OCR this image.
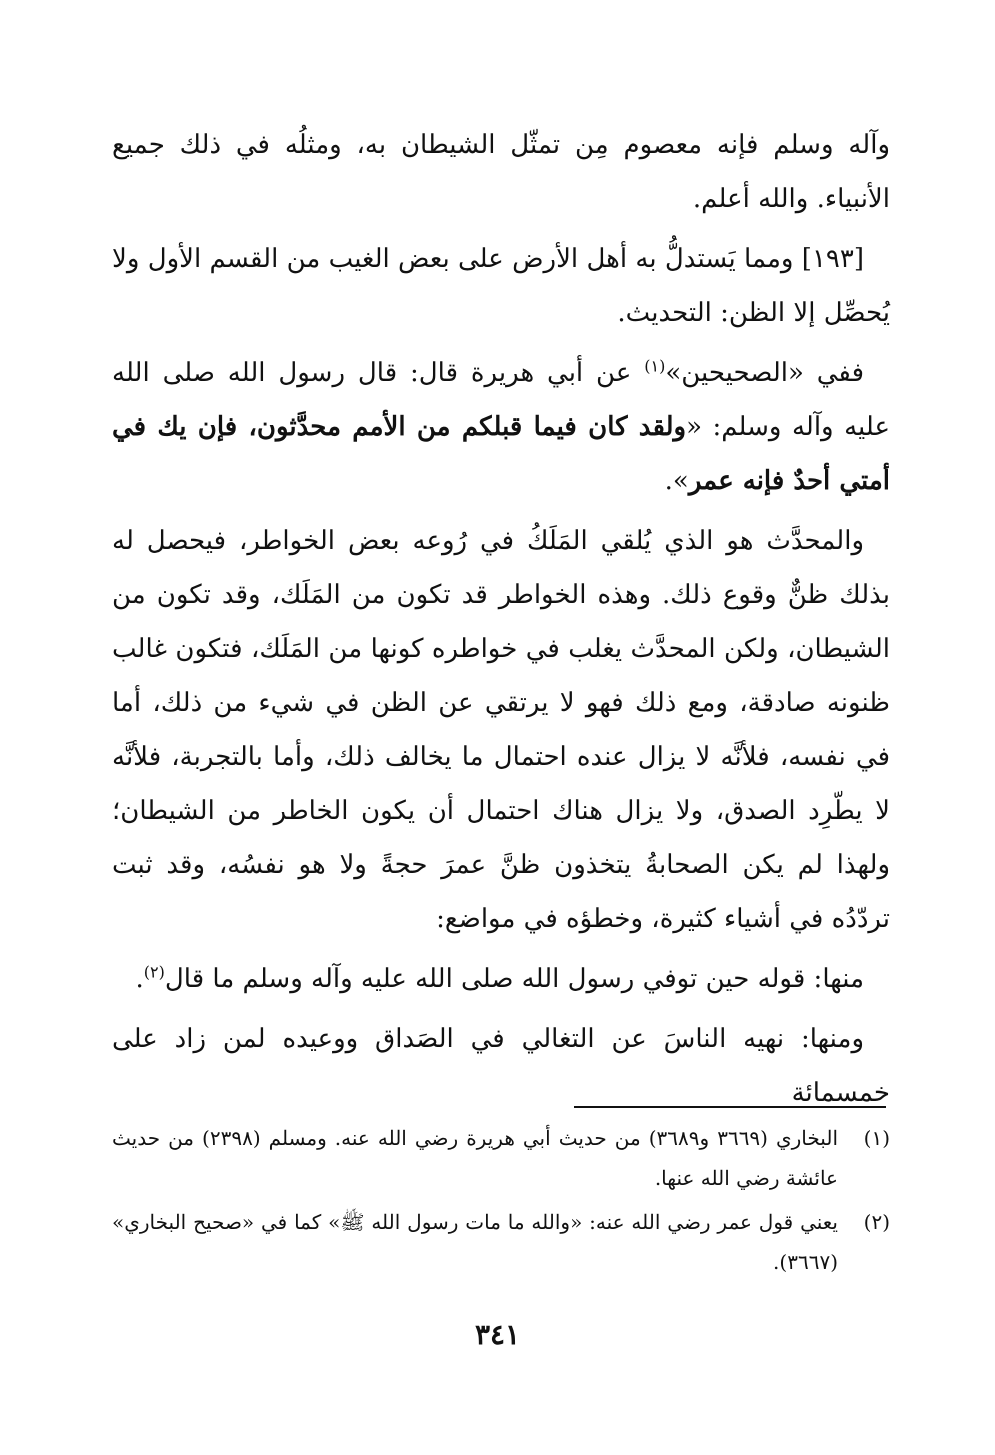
وآله وسلم فإنه معصوم مِن تمثّل الشيطان به، ومثلُه في ذلك جميع الأنبياء. والله أعلم.

[١٩٣] ومما يَستدلُّ به أهل الأرض على بعض الغيب من القسم الأول ولا يُحصِّل إلا الظن: التحديث.

ففي «الصحيحين»$^{(١)}$ عن أبي هريرة قال: قال رسول الله صلى الله عليه وآله وسلم: «ولقد كان فيما قبلكم من الأمم محدَّثون، فإن يك في أمتي أحدٌ فإنه عمر».

والمحدَّث هو الذي يُلقي المَلَكُ في رُوعه بعض الخواطر، فيحصل له بذلك ظنٌّ وقوع ذلك. وهذه الخواطر قد تكون من المَلَك، وقد تكون من الشيطان، ولكن المحدَّث يغلب في خواطره كونها من المَلَك، فتكون غالب ظنونه صادقة، ومع ذلك فهو لا يرتقي عن الظن في شيء من ذلك، أما في نفسه، فلأنَّه لا يزال عنده احتمال ما يخالف ذلك، وأما بالتجربة، فلأنَّه لا يطّرِد الصدق، ولا يزال هناك احتمال أن يكون الخاطر من الشيطان؛ ولهذا لم يكن الصحابةُ يتخذون ظنَّ عمرَ حجةً ولا هو نفسُه، وقد ثبت تردّدُه في أشياء كثيرة، وخطؤه في مواضع:

منها: قوله حين توفي رسول الله صلى الله عليه وآله وسلم ما قال$^{(٢)}$.

ومنها: نهيه الناسَ عن التغالي في الصَداق ووعيده لمن زاد على خمسمائة

(١)
البخاري (٣٦٦٩ و٣٦٨٩) من حديث أبي هريرة رضي الله عنه. ومسلم (٢٣٩٨) من حديث عائشة رضي الله عنها.
(٢)
يعني قول عمر رضي الله عنه: «والله ما مات رسول الله ﷺ» كما في «صحيح البخاري» (٣٦٦٧).
٣٤١
